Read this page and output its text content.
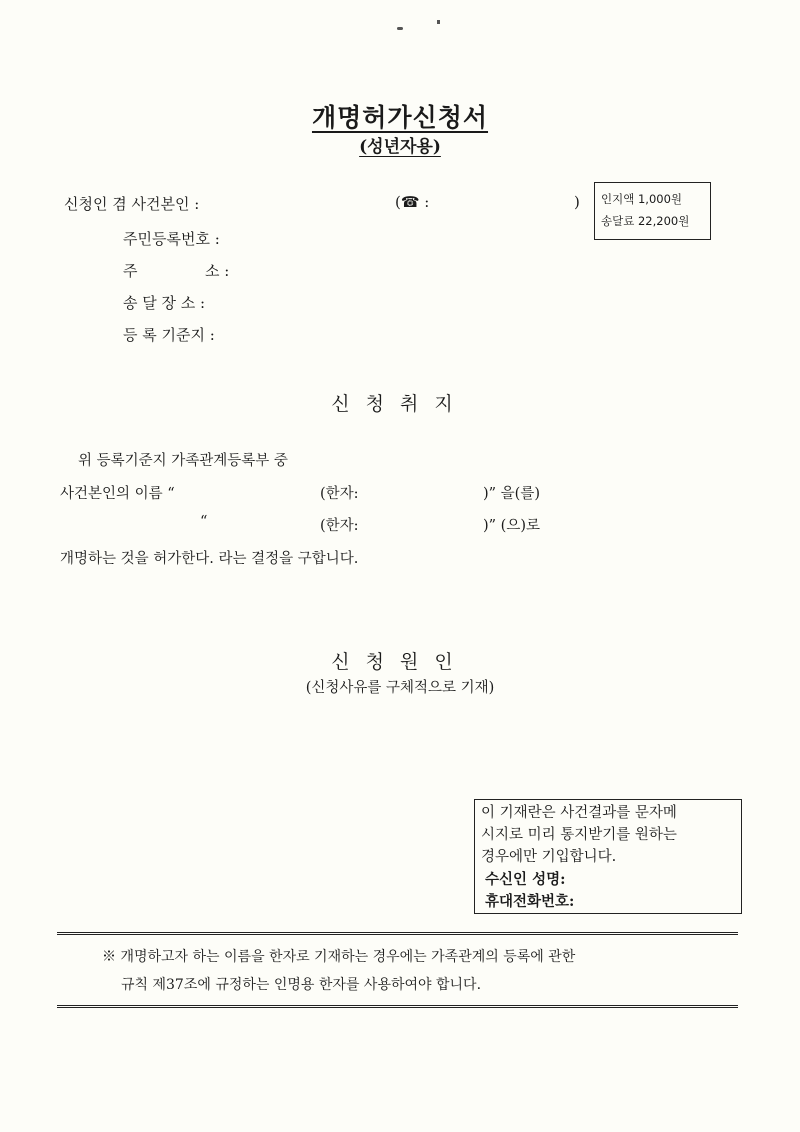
개명허가신청서
(성년자용)
신청인 겸 사건본인 :	(☎ :	) 인지액 1,000원
송달료 22,200원
주민등록번호 :
주	소 :
송 달 장 소 :
등 록 기준지 :
신청취지
위 등록기준지 가족관계등록부 중
사건본인의 이름 “	(한자:	)” 을(를)
“	(한자:	)” (으)로
개명하는 것을 허가한다. 라는 결정을 구합니다.
신청원인
(신청사유를 구체적으로 기재)
이 기재란은 사건결과를 문자메
시지로 미리 통지받기를 원하는
경우에만 기입합니다.
수신인 성명:
휴대전화번호:
※ 개명하고자 하는 이름을 한자로 기재하는 경우에는 가족관계의 등록에 관한
규칙 제37조에 규정하는 인명용 한자를 사용하여야 합니다.
